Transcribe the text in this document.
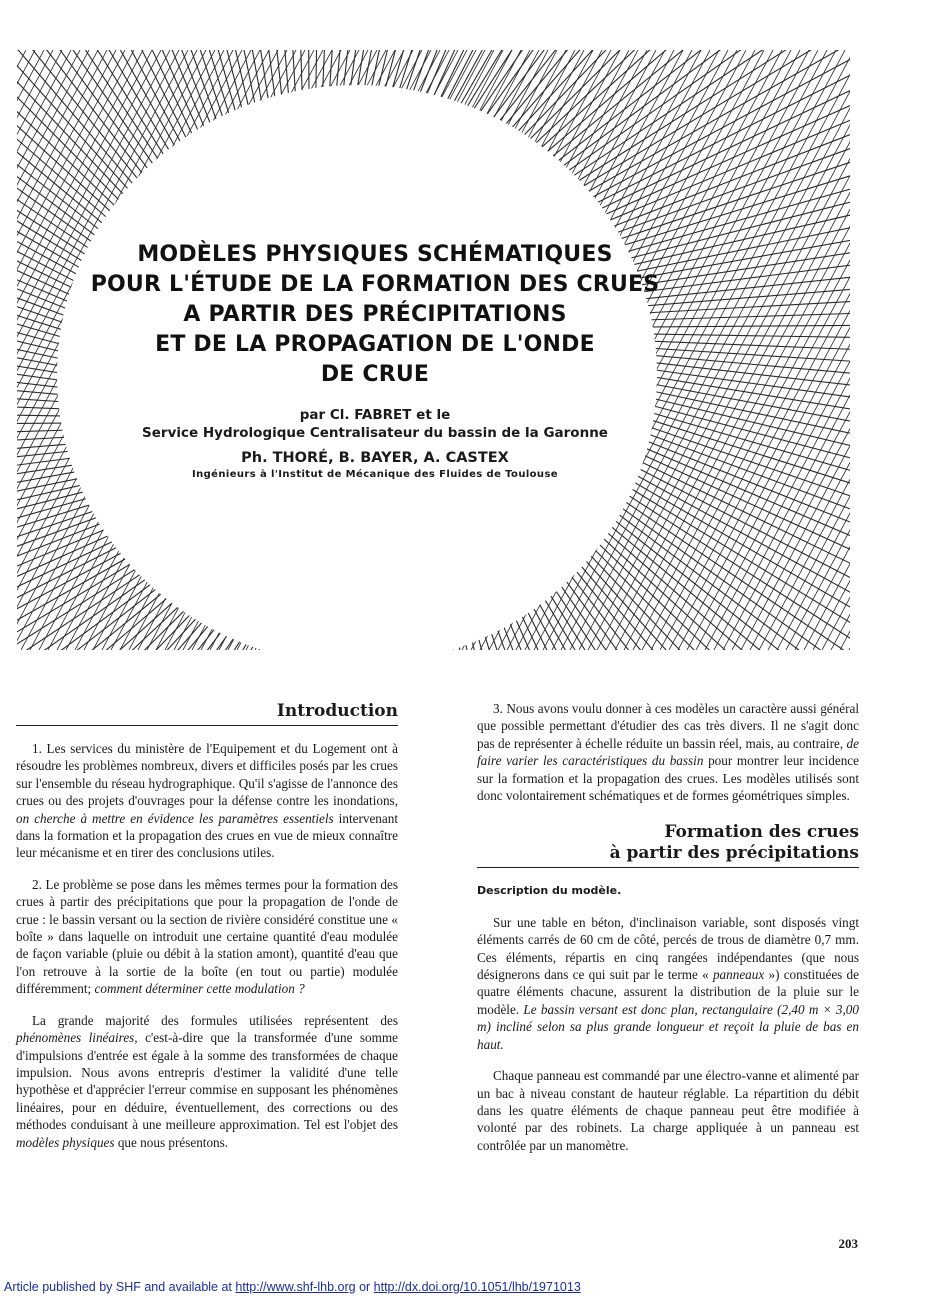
MODÈLES PHYSIQUES SCHÉMATIQUES
POUR L'ÉTUDE DE LA FORMATION DES CRUES
A PARTIR DES PRÉCIPITATIONS
ET DE LA PROPAGATION DE L'ONDE
DE CRUE
par Cl. FABRET et le
Service Hydrologique Centralisateur du bassin de la Garonne
Ph. THORÉ, B. BAYER, A. CASTEX
Ingénieurs à l'Institut de Mécanique des Fluides de Toulouse
Introduction

1. Les services du ministère de l'Equipement et du Logement ont à résoudre les problèmes nombreux, divers et difficiles posés par les crues sur l'ensemble du réseau hydrographique. Qu'il s'agisse de l'annonce des crues ou des projets d'ouvrages pour la défense contre les inondations, on cherche à mettre en évidence les paramètres essentiels intervenant dans la formation et la propagation des crues en vue de mieux connaître leur mécanisme et en tirer des conclusions utiles.

2. Le problème se pose dans les mêmes termes pour la formation des crues à partir des précipitations que pour la propagation de l'onde de crue : le bassin versant ou la section de rivière considéré constitue une « boîte » dans laquelle on introduit une certaine quantité d'eau modulée de façon variable (pluie ou débit à la station amont), quantité d'eau que l'on retrouve à la sortie de la boîte (en tout ou partie) modulée différemment; comment déterminer cette modulation ?

La grande majorité des formules utilisées représentent des phénomènes linéaires, c'est-à-dire que la transformée d'une somme d'impulsions d'entrée est égale à la somme des transformées de chaque impulsion. Nous avons entrepris d'estimer la validité d'une telle hypothèse et d'apprécier l'erreur commise en supposant les phénomènes linéaires, pour en déduire, éventuellement, des corrections ou des méthodes conduisant à une meilleure approximation. Tel est l'objet des modèles physiques que nous présentons.

3. Nous avons voulu donner à ces modèles un caractère aussi général que possible permettant d'étudier des cas très divers. Il ne s'agit donc pas de représenter à échelle réduite un bassin réel, mais, au contraire, de faire varier les caractéristiques du bassin pour montrer leur incidence sur la formation et la propagation des crues. Les modèles utilisés sont donc volontairement schématiques et de formes géométriques simples.

Formation des crues
à partir des précipitations
Description du modèle.

Sur une table en béton, d'inclinaison variable, sont disposés vingt éléments carrés de 60 cm de côté, percés de trous de diamètre 0,7 mm. Ces éléments, répartis en cinq rangées indépendantes (que nous désignerons dans ce qui suit par le terme « panneaux ») constituées de quatre éléments chacune, assurent la distribution de la pluie sur le modèle. Le bassin versant est donc plan, rectangulaire (2,40 m × 3,00 m) incliné selon sa plus grande longueur et reçoit la pluie de bas en haut.

Chaque panneau est commandé par une électro-vanne et alimenté par un bac à niveau constant de hauteur réglable. La répartition du débit dans les quatre éléments de chaque panneau peut être modifiée à volonté par des robinets. La charge appliquée à un panneau est contrôlée par un manomètre.

203
Article published by SHF and available at http://www.shf-lhb.org or http://dx.doi.org/10.1051/lhb/1971013
